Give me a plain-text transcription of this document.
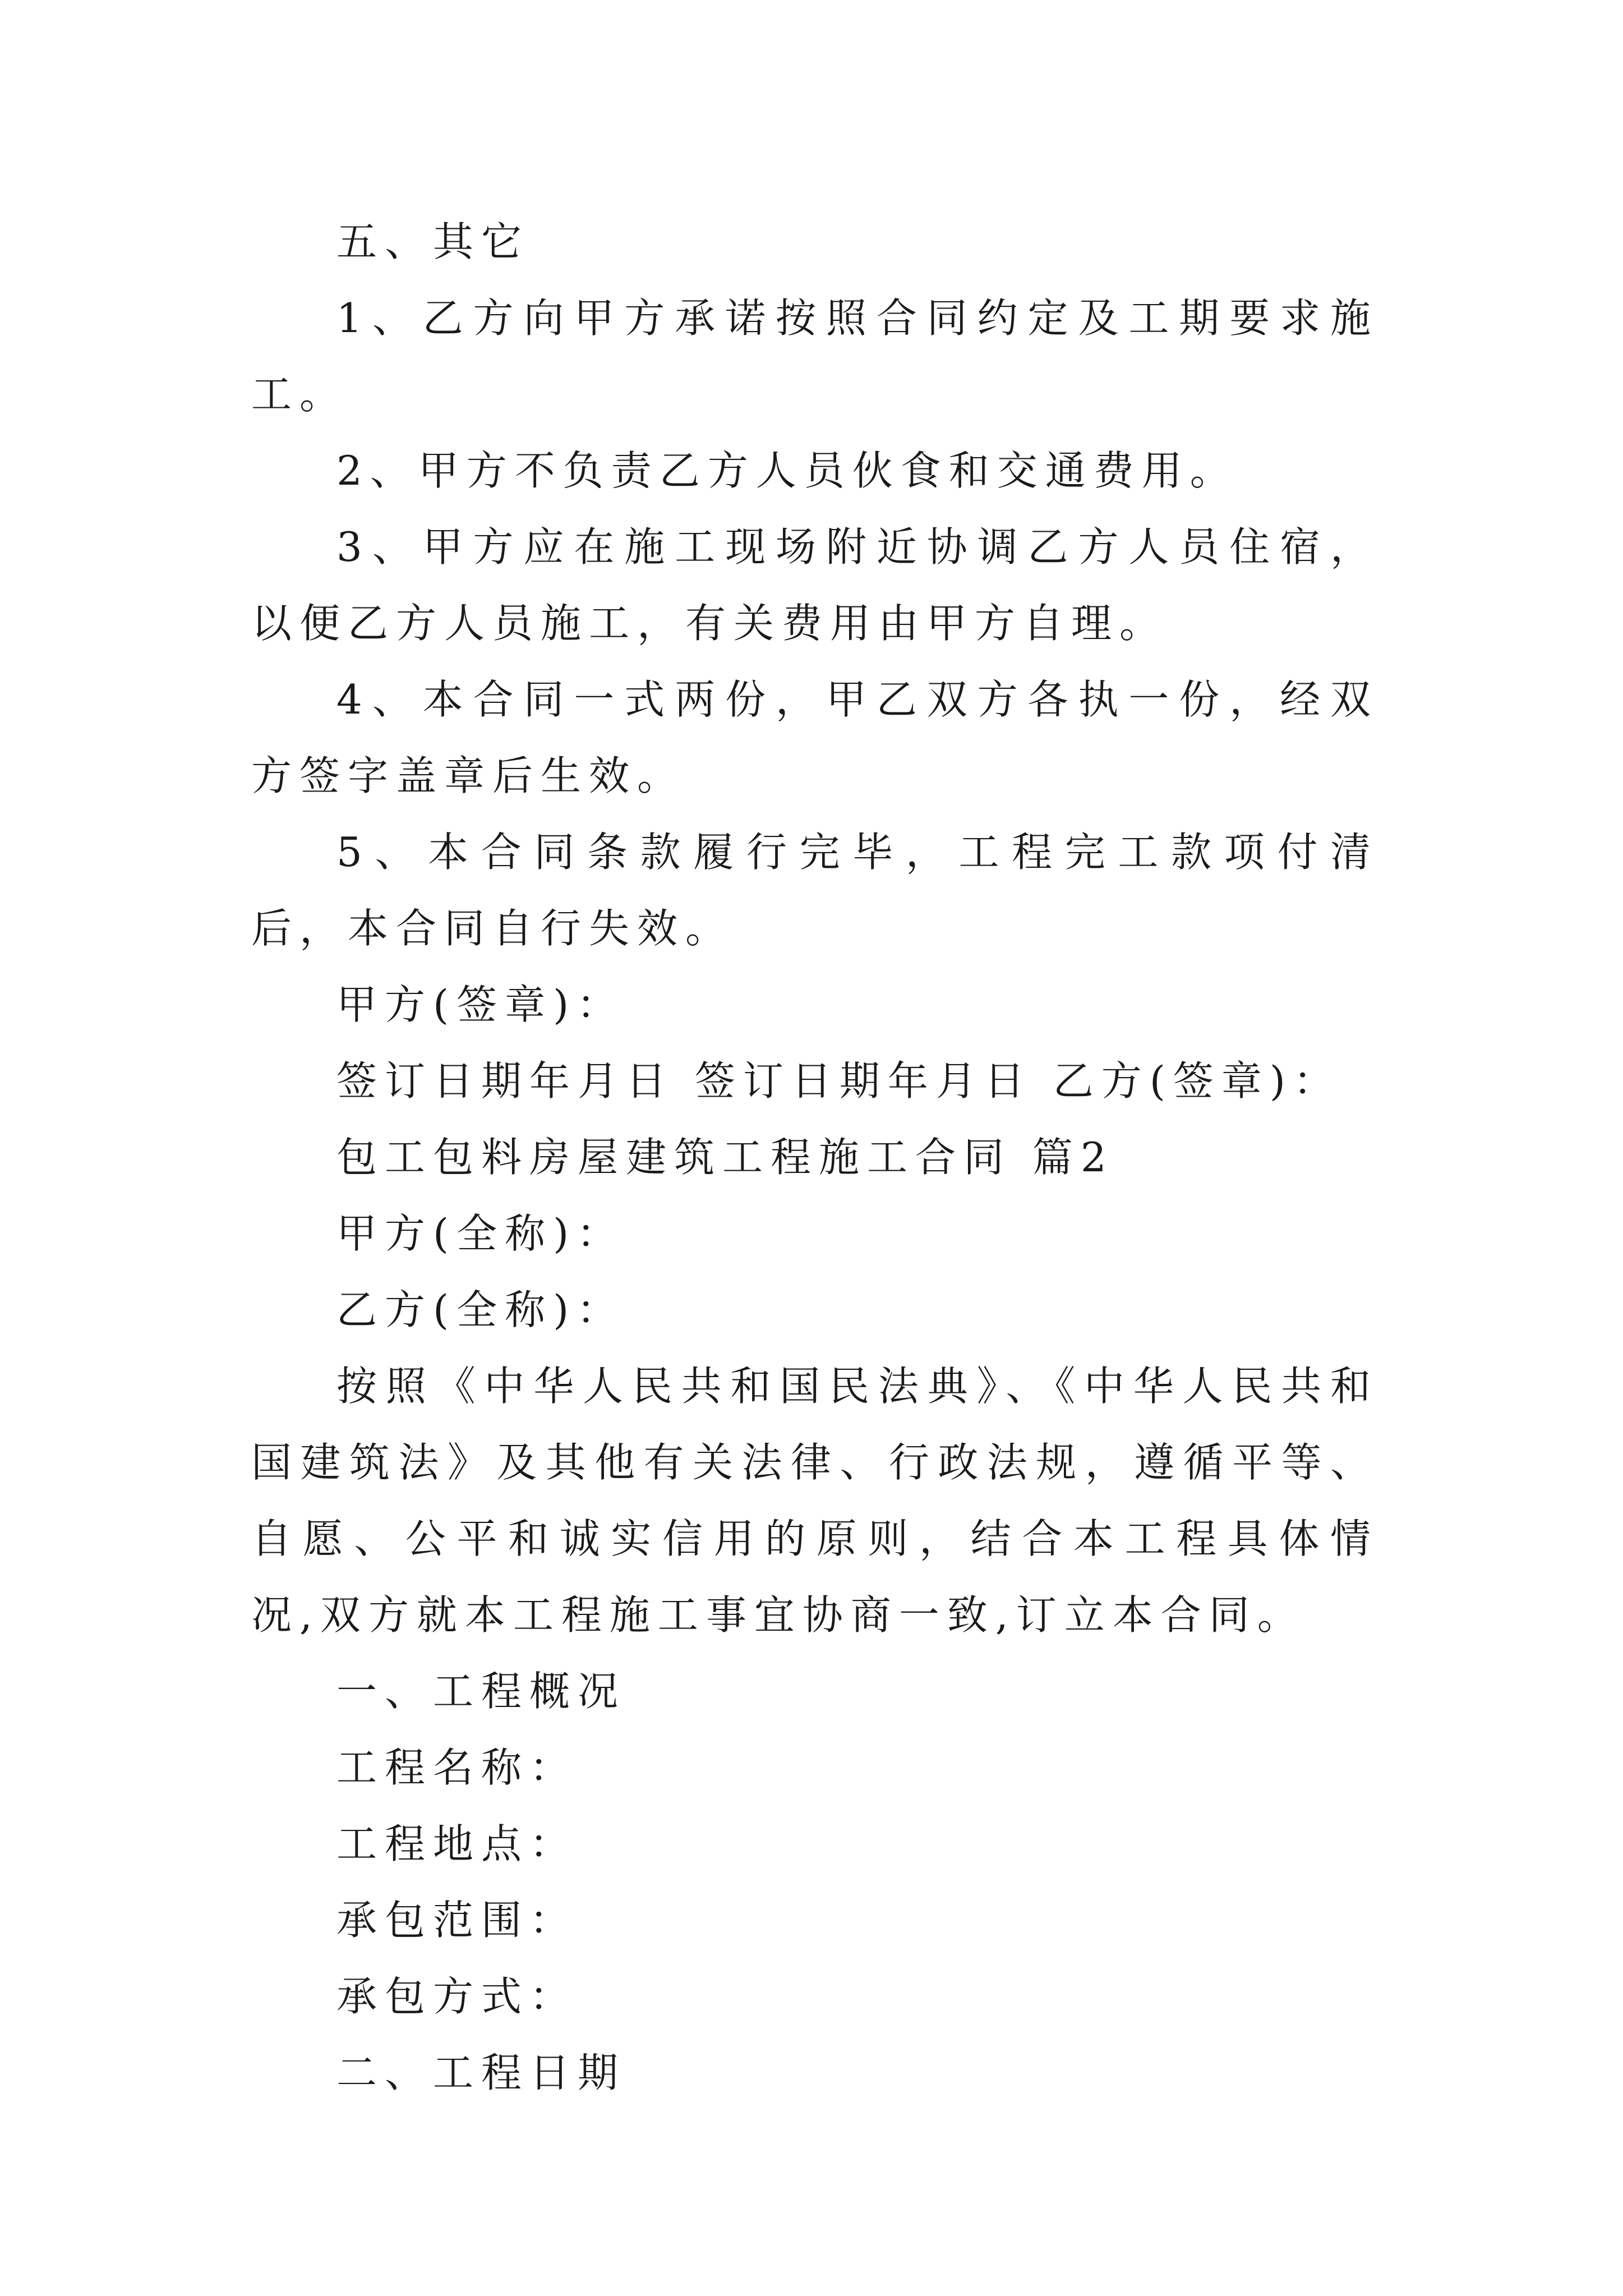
五、其它

1、乙方向甲方承诺按照合同约定及工期要求施工。

2、甲方不负责乙方人员伙食和交通费用。

3、甲方应在施工现场附近协调乙方人员住宿，以便乙方人员施工，有关费用由甲方自理。

4、本合同一式两份，甲乙双方各执一份，经双方签字盖章后生效。

5、本合同条款履行完毕，工程完工款项付清后，本合同自行失效。

甲方(签章)：

签订日期年月日 签订日期年月日 乙方(签章)：

包工包料房屋建筑工程施工合同 篇2

甲方(全称)：

乙方(全称)：

按照《中华人民共和国民法典》、《中华人民共和国建筑法》及其他有关法律、行政法规，遵循平等、自愿、公平和诚实信用的原则，结合本工程具体情况,双方就本工程施工事宜协商一致,订立本合同。

一、工程概况

工程名称：

工程地点：

承包范围：

承包方式：

二、工程日期
